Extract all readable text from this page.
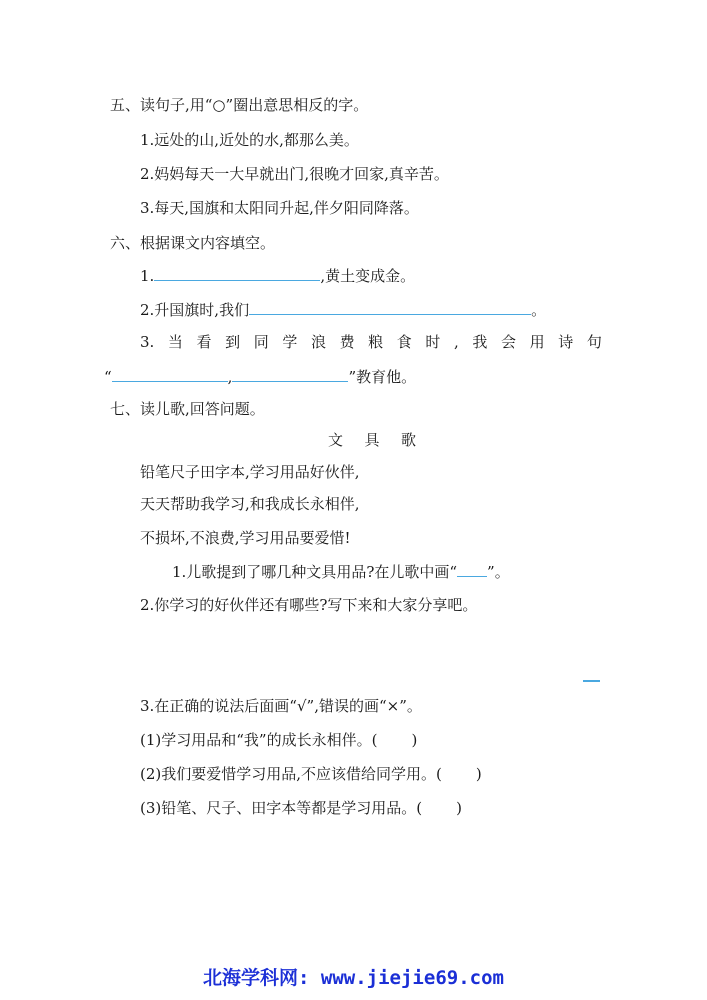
五、读句子,用“○”圈出意思相反的字。
1.远处的山,近处的水,都那么美。
2.妈妈每天一大早就出门,很晚才回家,真辛苦。
3.每天,国旗和太阳同升起,伴夕阳同降落。
六、根据课文内容填空。
1.	,黄土变成金。
2.升国旗时,我们	。
3. 当 看 到 同 学 浪 费 粮 食 时 , 我 会 用 诗 句
“	,	”教育他。
七、读儿歌,回答问题。
文 具 歌
铅笔尺子田字本,学习用品好伙伴,
天天帮助我学习,和我成长永相伴,
不损坏,不浪费,学习用品要爱惜!
1.儿歌提到了哪几种文具用品?在儿歌中画“ ”。
2.你学习的好伙伴还有哪些?写下来和大家分享吧。
3.在正确的说法后面画“√”,错误的画“×”。
(1)学习用品和“我”的成长永相伴。( )
(2)我们要爱惜学习用品,不应该借给同学用。( )
(3)铅笔、尺子、田字本等都是学习用品。( )
北海学科网: www.jiejie69.com
